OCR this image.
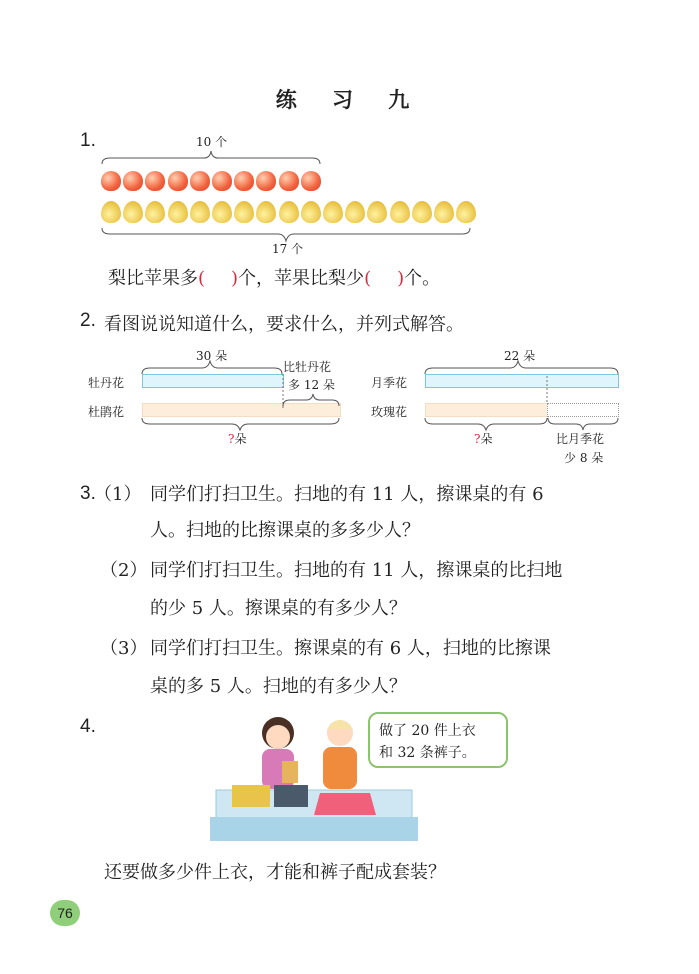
练 习 九
1.	10 个
17 个
梨比苹果多( )个，苹果比梨少( )个。
2. 看图说说知道什么，要求什么，并列式解答。
牡丹花
杜鹃花
30 朵
比牡丹花
多 12 朵
?朵
月季花
玫瑰花
22 朵
?朵	比月季花
少 8 朵
3.
（1） 同学们打扫卫生。扫地的有 11 人，擦课桌的有 6
人。扫地的比擦课桌的多多少人？
（2） 同学们打扫卫生。扫地的有 11 人，擦课桌的比扫地
的少 5 人。擦课桌的有多少人？
（3） 同学们打扫卫生。擦课桌的有 6 人，扫地的比擦课
桌的多 5 人。扫地的有多少人？
4.	做了 20 件上衣
和 32 条裤子。
还要做多少件上衣，才能和裤子配成套装？
76
